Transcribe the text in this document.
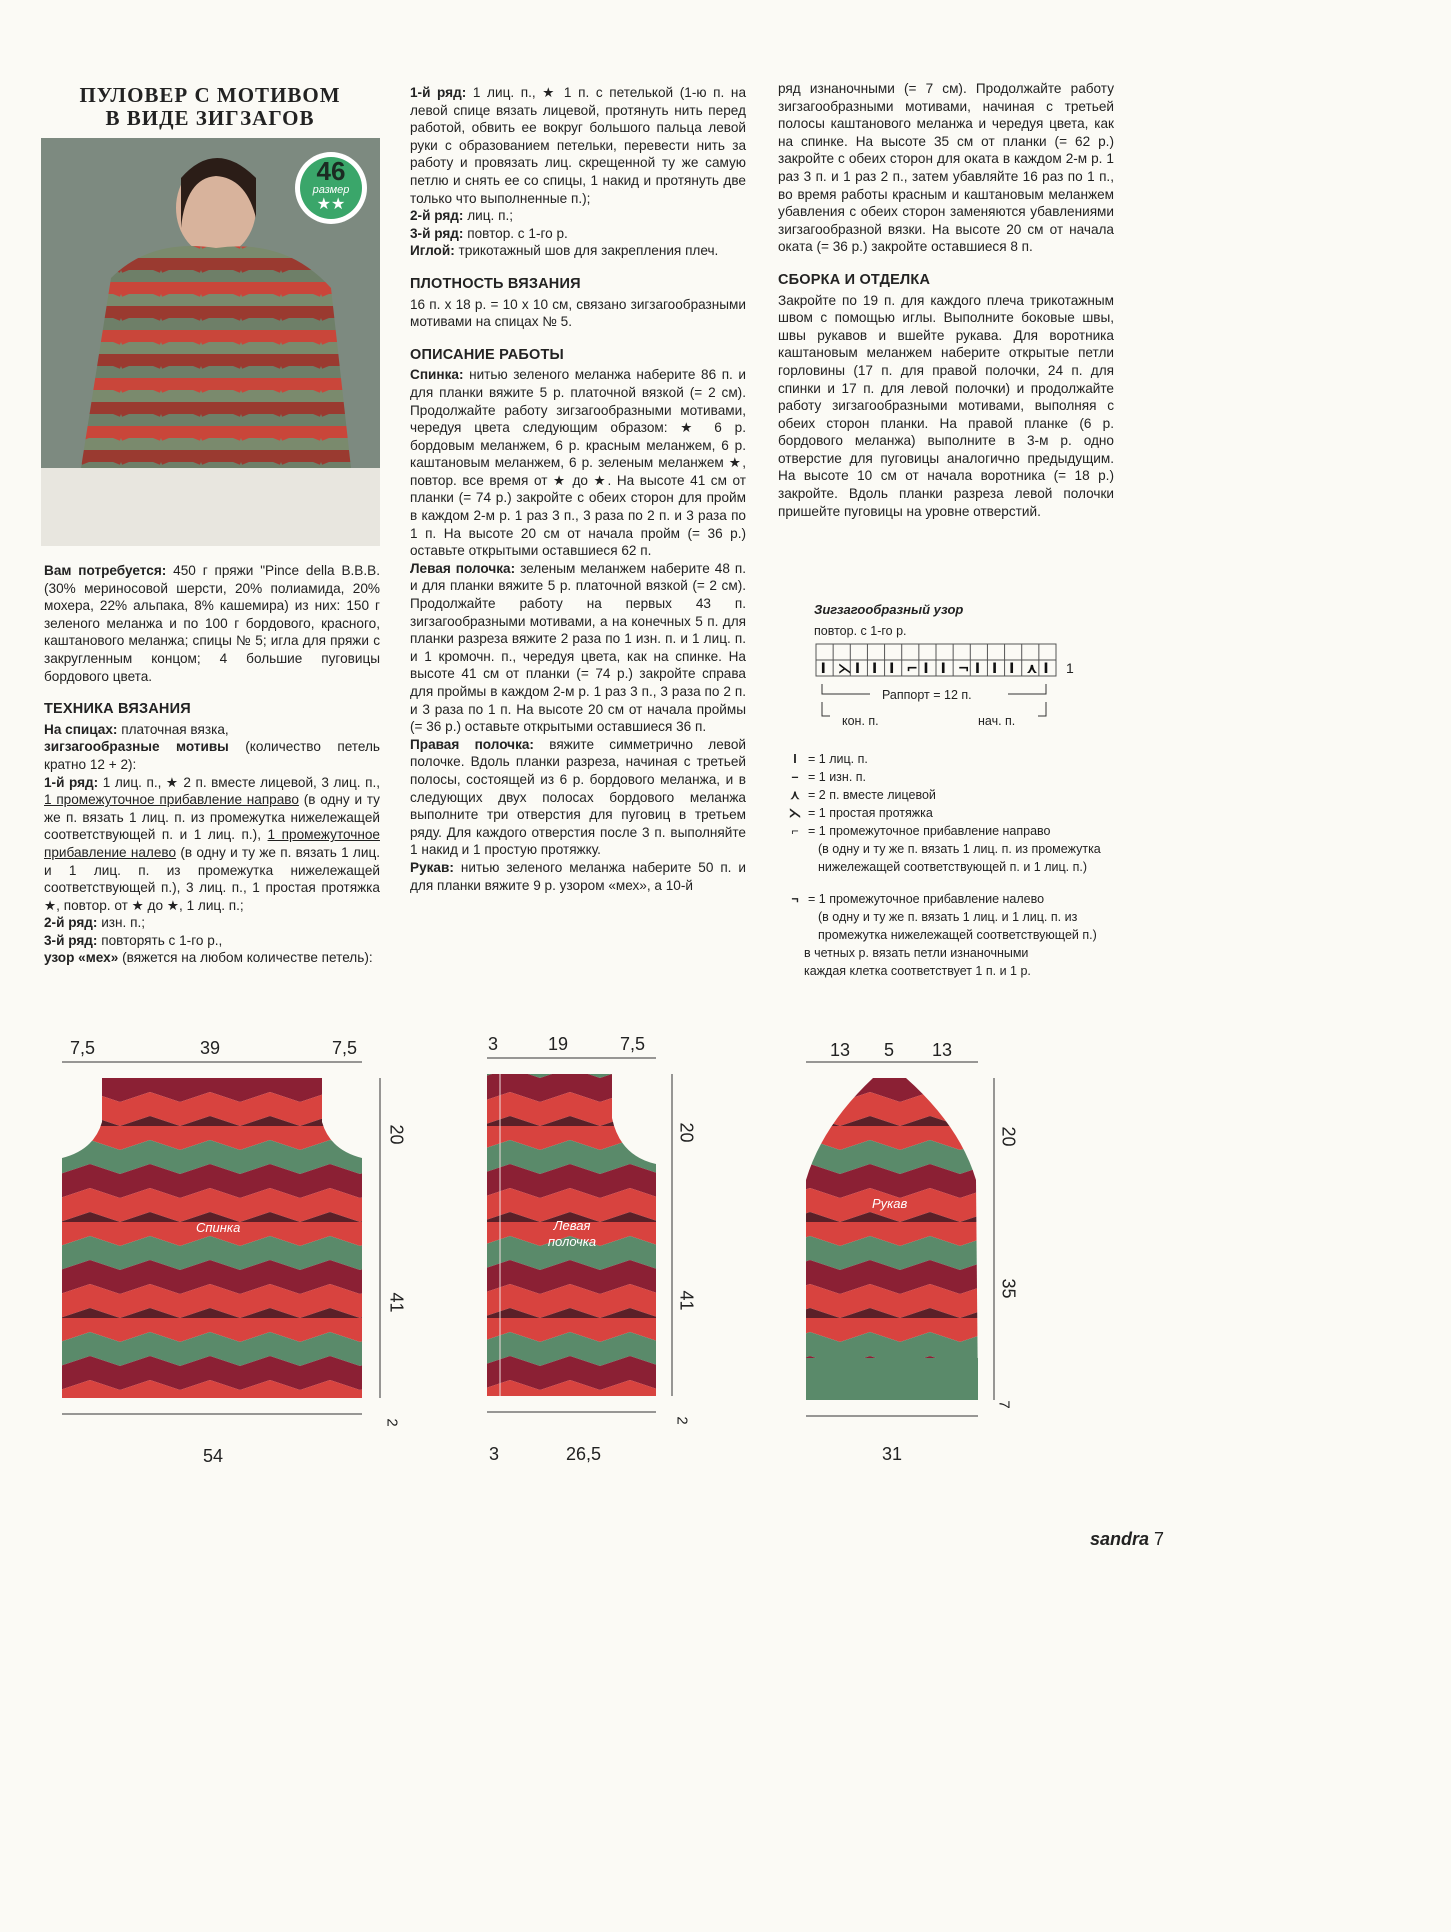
ПУЛОВЕР С МОТИВОМ
В ВИДЕ ЗИГЗАГОВ
46
размер
★★

Вам потребуется: 450 г пряжи "Pince della B.B.B. (30% мериносовой шерсти, 20% полиамида, 20% мохера, 22% альпака, 8% кашемира) из них: 150 г зеленого меланжа и по 100 г бордового, красного, каштанового меланжа; спицы № 5; игла для пряжи с закругленным концом; 4 большие пуговицы бордового цвета.

ТЕХНИКА ВЯЗАНИЯ

На спицах: платочная вязка,

зигзагообразные мотивы (количество петель кратно 12 + 2):

1-й ряд: 1 лиц. п., ★ 2 п. вместе лицевой, 3 лиц. п., 1 промежуточное прибавление направо (в одну и ту же п. вязать 1 лиц. п. из промежутка нижележащей соответствующей п. и 1 лиц. п.), 1 промежуточное прибавление налево (в одну и ту же п. вязать 1 лиц. и 1 лиц. п. из промежутка нижележащей соответствующей п.), 3 лиц. п., 1 простая протяжка ★, повтор. от ★ до ★, 1 лиц. п.;

2-й ряд: изн. п.;

3-й ряд: повторять с 1-го р.,

узор «мех» (вяжется на любом количестве петель):

1-й ряд: 1 лиц. п., ★ 1 п. с петелькой (1-ю п. на левой спице вязать лицевой, протянуть нить перед работой, обвить ее вокруг большого пальца левой руки с образованием петельки, перевести нить за работу и провязать лиц. скрещенной ту же самую петлю и снять ее со спицы, 1 накид и протянуть две только что выполненные п.);

2-й ряд: лиц. п.;

3-й ряд: повтор. с 1-го р.

Иглой: трикотажный шов для закрепления плеч.

ПЛОТНОСТЬ ВЯЗАНИЯ

16 п. х 18 р. = 10 х 10 см, связано зигзагообразными мотивами на спицах № 5.

ОПИСАНИЕ РАБОТЫ

Спинка: нитью зеленого меланжа наберите 86 п. и для планки вяжите 5 р. платочной вязкой (= 2 см). Продолжайте работу зигзагообразными мотивами, чередуя цвета следующим образом: ★ 6 р. бордовым меланжем, 6 р. красным меланжем, 6 р. каштановым меланжем, 6 р. зеленым меланжем ★, повтор. все время от ★ до ★. На высоте 41 см от планки (= 74 р.) закройте с обеих сторон для пройм в каждом 2-м р. 1 раз 3 п., 3 раза по 2 п. и 3 раза по 1 п. На высоте 20 см от начала пройм (= 36 р.) оставьте открытыми оставшиеся 62 п.

Левая полочка: зеленым меланжем наберите 48 п. и для планки вяжите 5 р. платочной вязкой (= 2 см). Продолжайте работу на первых 43 п. зигзагообразными мотивами, а на конечных 5 п. для планки разреза вяжите 2 раза по 1 изн. п. и 1 лиц. п. и 1 кромочн. п., чередуя цвета, как на спинке. На высоте 41 см от планки (= 74 р.) закройте справа для проймы в каждом 2-м р. 1 раз 3 п., 3 раза по 2 п. и 3 раза по 1 п. На высоте 20 см от начала проймы (= 36 р.) оставьте открытыми оставшиеся 36 п.

Правая полочка: вяжите симметрично левой полочке. Вдоль планки разреза, начиная с третьей полосы, состоящей из 6 р. бордового меланжа, и в следующих двух полосах бордового меланжа выполните три отверстия для пуговиц в третьем ряду. Для каждого отверстия после 3 п. выполняйте 1 накид и 1 простую протяжку.

Рукав: нитью зеленого меланжа наберите 50 п. и для планки вяжите 9 р. узором «мех», а 10-й

ряд изнаночными (= 7 см). Продолжайте работу зигзагообразными мотивами, начиная с третьей полосы каштанового меланжа и чередуя цвета, как на спинке. На высоте 35 см от планки (= 62 р.) закройте с обеих сторон для оката в каждом 2-м р. 1 раз 3 п. и 1 раз 2 п., затем убавляйте 16 раз по 1 п., во время работы красным и каштановым меланжем убавления с обеих сторон заменяются убавлениями зигзагообразной вязки. На высоте 20 см от начала оката (= 36 р.) закройте оставшиеся 8 п.

СБОРКА И ОТДЕЛКА

Закройте по 19 п. для каждого плеча трикотажным швом с помощью иглы. Выполните боковые швы, швы рукавов и вшейте рукава. Для воротника каштановым меланжем наберите открытые петли горловины (17 п. для правой полочки, 24 п. для спинки и 17 п. для левой полочки) и продолжайте работу зигзагообразными мотивами, выполняя с обеих сторон планки. На правой планке (6 р. бордового меланжа) выполните в 3-м р. одно отверстие для пуговицы аналогично предыдущим. На высоте 10 см от начала воротника (= 18 р.) закройте. Вдоль планки разреза левой полочки пришейте пуговицы на уровне отверстий.

Зигзагообразный узор
повтор. с 1-го р.
I ⋋ I I I ⌐ I I ¬ I I I ⋏ I 1
Раппорт = 12 п.
кон. п.	нач. п.
I = 1 лиц. п.
– = 1 изн. п.
⋏ = 2 п. вместе лицевой
⋋ = 1 простая протяжка
⌐ = 1 промежуточное прибавление направо
(в одну и ту же п. вязать 1 лиц. п. из промежутка нижележащей соответствующей п. и 1 лиц. п.)
¬ = 1 промежуточное прибавление налево
(в одну и ту же п. вязать 1 лиц. и 1 лиц. п. из промежутка нижележащей соответствующей п.)
в четных р. вязать петли изнаночными
каждая клетка соответствует 1 п. и 1 р.
7,5	39	7,5
20
41
2
54
Спинка
3	19	7,5
20
41
2
3	26,5
Левая
полочка
13 5 13
20
35
7
31
Рукав
sandra 7
